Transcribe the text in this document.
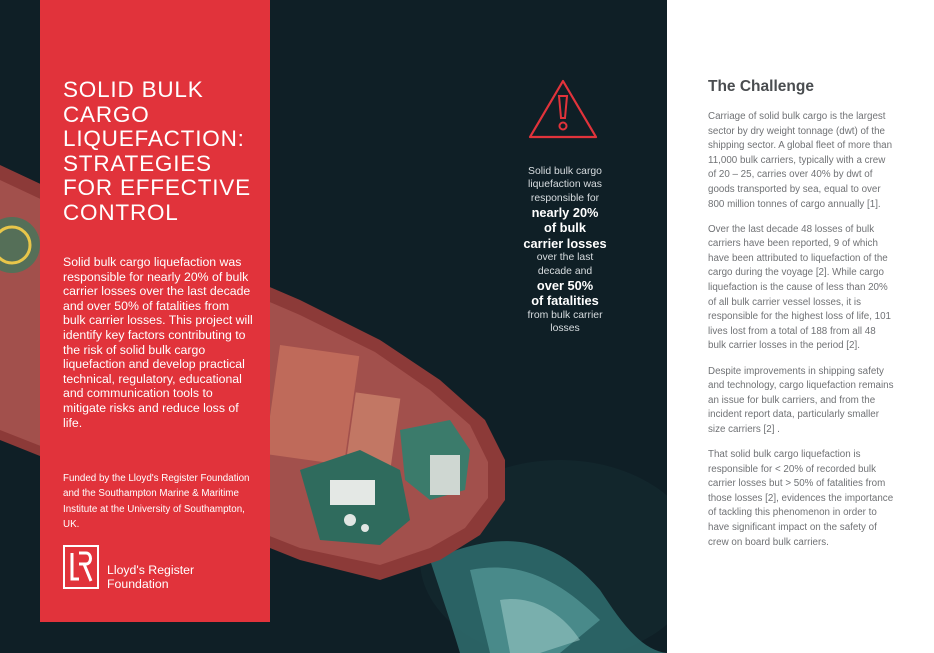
SOLID BULK
CARGO
LIQUEFACTION:
STRATEGIES
FOR EFFECTIVE
CONTROL
Solid bulk cargo liquefaction was responsible for nearly 20% of bulk carrier losses over the last decade and over 50% of fatalities from bulk carrier losses. This project will identify key factors contributing to the risk of solid bulk cargo liquefaction and develop practical technical, regulatory, educational and communication tools to mitigate risks and reduce loss of life.
Funded by the Lloyd's Register Foundation and the Southampton Marine & Maritime Institute at the University of Southampton, UK.
Lloyd's Register
Foundation
Solid bulk cargo
liquefaction was
responsible for
nearly 20%
of bulk
carrier losses
over the last
decade and
over 50%
of fatalities
from bulk carrier
losses
The Challenge

Carriage of solid bulk cargo is the largest sector by dry weight tonnage (dwt) of the shipping sector. A global fleet of more than 11,000 bulk carriers, typically with a crew of 20 – 25, carries over 40% by dwt of goods transported by sea, equal to over 800 million tonnes of cargo annually [1].

Over the last decade 48 losses of bulk carriers have been reported, 9 of which have been attributed to liquefaction of the cargo during the voyage [2]. While cargo liquefaction is the cause of less than 20% of all bulk carrier vessel losses, it is responsible for the highest loss of life, 101 lives lost from a total of 188 from all 48 bulk carrier losses in the period [2].

Despite improvements in shipping safety and technology, cargo liquefaction remains an issue for bulk carriers, and from the incident report data, particularly smaller size carriers [2] .

That solid bulk cargo liquefaction is responsible for < 20% of recorded bulk carrier losses but > 50% of fatalities from those losses [2], evidences the importance of tackling this phenomenon in order to have significant impact on the safety of crew on board bulk carriers.
